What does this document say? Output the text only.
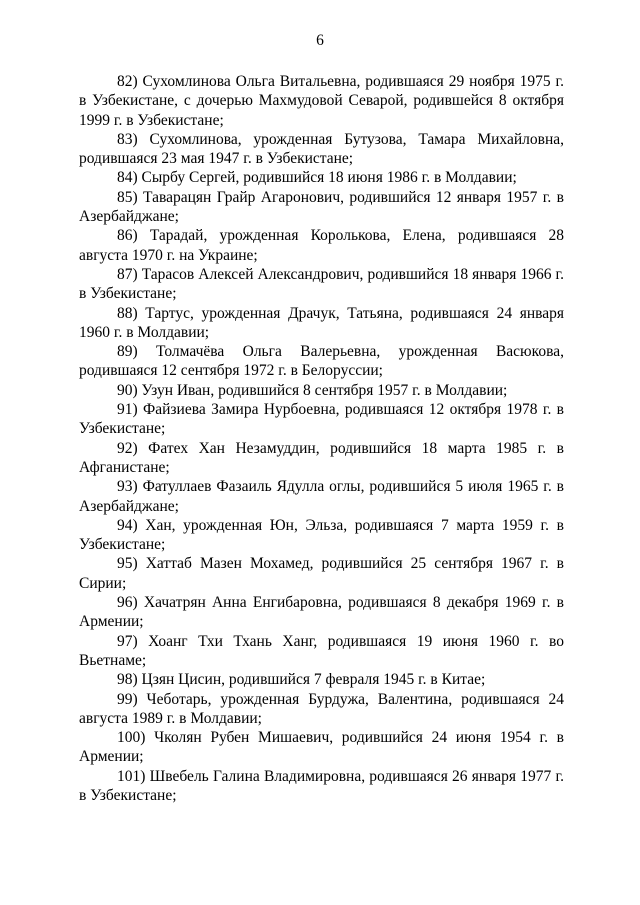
6

82) Сухомлинова Ольга Витальевна, родившаяся 29 ноября 1975 г. в Узбекистане, с дочерью Махмудовой Севарой, родившейся 8 октября 1999 г. в Узбекистане;

83) Сухомлинова, урожденная Бутузова, Тамара Михайловна, родившаяся 23 мая 1947 г. в Узбекистане;

84) Сырбу Сергей, родившийся 18 июня 1986 г. в Молдавии;

85) Таварацян Грайр Агаронович, родившийся 12 января 1957 г. в Азербайджане;

86) Тарадай, урожденная Королькова, Елена, родившаяся 28 августа 1970 г. на Украине;

87) Тарасов Алексей Александрович, родившийся 18 января 1966 г. в Узбекистане;

88) Тартус, урожденная Драчук, Татьяна, родившаяся 24 января 1960 г. в Молдавии;

89) Толмачёва Ольга Валерьевна, урожденная Васюкова, родившаяся 12 сентября 1972 г. в Белоруссии;

90) Узун Иван, родившийся 8 сентября 1957 г. в Молдавии;

91) Файзиева Замира Нурбоевна, родившаяся 12 октября 1978 г. в Узбекистане;

92) Фатех Хан Незамуддин, родившийся 18 марта 1985 г. в Афганистане;

93) Фатуллаев Фазаиль Ядулла оглы, родившийся 5 июля 1965 г. в Азербайджане;

94) Хан, урожденная Юн, Эльза, родившаяся 7 марта 1959 г. в Узбекистане;

95) Хаттаб Мазен Мохамед, родившийся 25 сентября 1967 г. в Сирии;

96) Хачатрян Анна Енгибаровна, родившаяся 8 декабря 1969 г. в Армении;

97) Хоанг Тхи Тхань Ханг, родившаяся 19 июня 1960 г. во Вьетнаме;

98) Цзян Цисин, родившийся 7 февраля 1945 г. в Китае;

99) Чеботарь, урожденная Бурдужа, Валентина, родившаяся 24 августа 1989 г. в Молдавии;

100) Чколян Рубен Мишаевич, родившийся 24 июня 1954 г. в Армении;

101) Швебель Галина Владимировна, родившаяся 26 января 1977 г. в Узбекистане;
